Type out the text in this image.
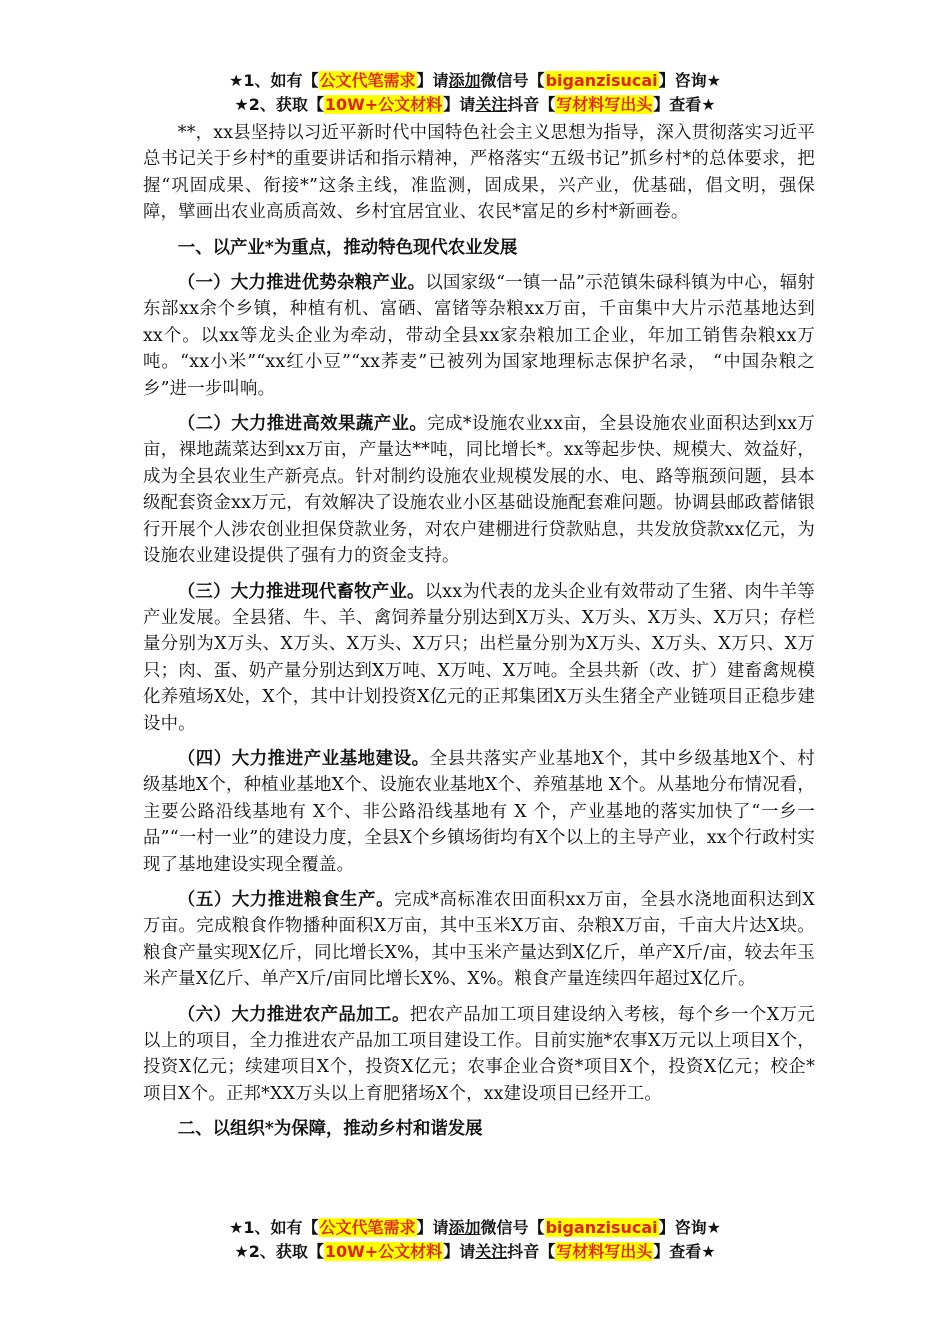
★1、如有【公文代笔需求】请添加微信号【biganzisucai】咨询★
★2、获取【10W+公文材料】请关注抖音【写材料写出头】查看★

**，xx县坚持以习近平新时代中国特色社会主义思想为指导，深入贯彻落实习近平总书记关于乡村*的重要讲话和指示精神，严格落实“五级书记”抓乡村*的总体要求，把握“巩固成果、衔接*”这条主线，准监测，固成果，兴产业，优基础，倡文明，强保障，擘画出农业高质高效、乡村宜居宜业、农民*富足的乡村*新画卷。

一、以产业*为重点，推动特色现代农业发展

（一）大力推进优势杂粮产业。以国家级“一镇一品”示范镇朱碌科镇为中心，辐射东部xx余个乡镇，种植有机、富硒、富锗等杂粮xx万亩，千亩集中大片示范基地达到xx个。以xx等龙头企业为牵动，带动全县xx家杂粮加工企业，年加工销售杂粮xx万吨。“xx小米”“xx红小豆”“xx荞麦”已被列为国家地理标志保护名录， “中国杂粮之乡”进一步叫响。

（二）大力推进高效果蔬产业。完成*设施农业xx亩，全县设施农业面积达到xx万亩，裸地蔬菜达到xx万亩，产量达**吨，同比增长*。xx等起步快、规模大、效益好，成为全县农业生产新亮点。针对制约设施农业规模发展的水、电、路等瓶颈问题，县本级配套资金xx万元，有效解决了设施农业小区基础设施配套难问题。协调县邮政蓄储银行开展个人涉农创业担保贷款业务，对农户建棚进行贷款贴息，共发放贷款xx亿元，为设施农业建设提供了强有力的资金支持。

（三）大力推进现代畜牧产业。以xx为代表的龙头企业有效带动了生猪、肉牛羊等产业发展。全县猪、牛、羊、禽饲养量分别达到X万头、X万头、X万头、X万只；存栏量分别为X万头、X万头、X万头、X万只；出栏量分别为X万头、X万头、X万只、X万只；肉、蛋、奶产量分别达到X万吨、X万吨、X万吨。全县共新（改、扩）建畜禽规模化养殖场X处，X个，其中计划投资X亿元的正邦集团X万头生猪全产业链项目正稳步建设中。

（四）大力推进产业基地建设。全县共落实产业基地X个，其中乡级基地X个、村级基地X个，种植业基地X个、设施农业基地X个、养殖基地 X个。从基地分布情况看，主要公路沿线基地有 X个、非公路沿线基地有 X 个，产业基地的落实加快了“一乡一品”“一村一业”的建设力度，全县X个乡镇场街均有X个以上的主导产业，xx个行政村实现了基地建设实现全覆盖。

（五）大力推进粮食生产。完成*高标准农田面积xx万亩，全县水浇地面积达到X万亩。完成粮食作物播种面积X万亩，其中玉米X万亩、杂粮X万亩，千亩大片达X块。粮食产量实现X亿斤，同比增长X%，其中玉米产量达到X亿斤，单产X斤/亩，较去年玉米产量X亿斤、单产X斤/亩同比增长X%、X%。粮食产量连续四年超过X亿斤。

（六）大力推进农产品加工。把农产品加工项目建设纳入考核，每个乡一个X万元以上的项目，全力推进农产品加工项目建设工作。目前实施*农事X万元以上项目X个，投资X亿元；续建项目X个，投资X亿元；农事企业合资*项目X个，投资X亿元；校企*项目X个。正邦*XX万头以上育肥猪场X个，xx建设项目已经开工。

二、以组织*为保障，推动乡村和谐发展
★1、如有【公文代笔需求】请添加微信号【biganzisucai】咨询★
★2、获取【10W+公文材料】请关注抖音【写材料写出头】查看★
